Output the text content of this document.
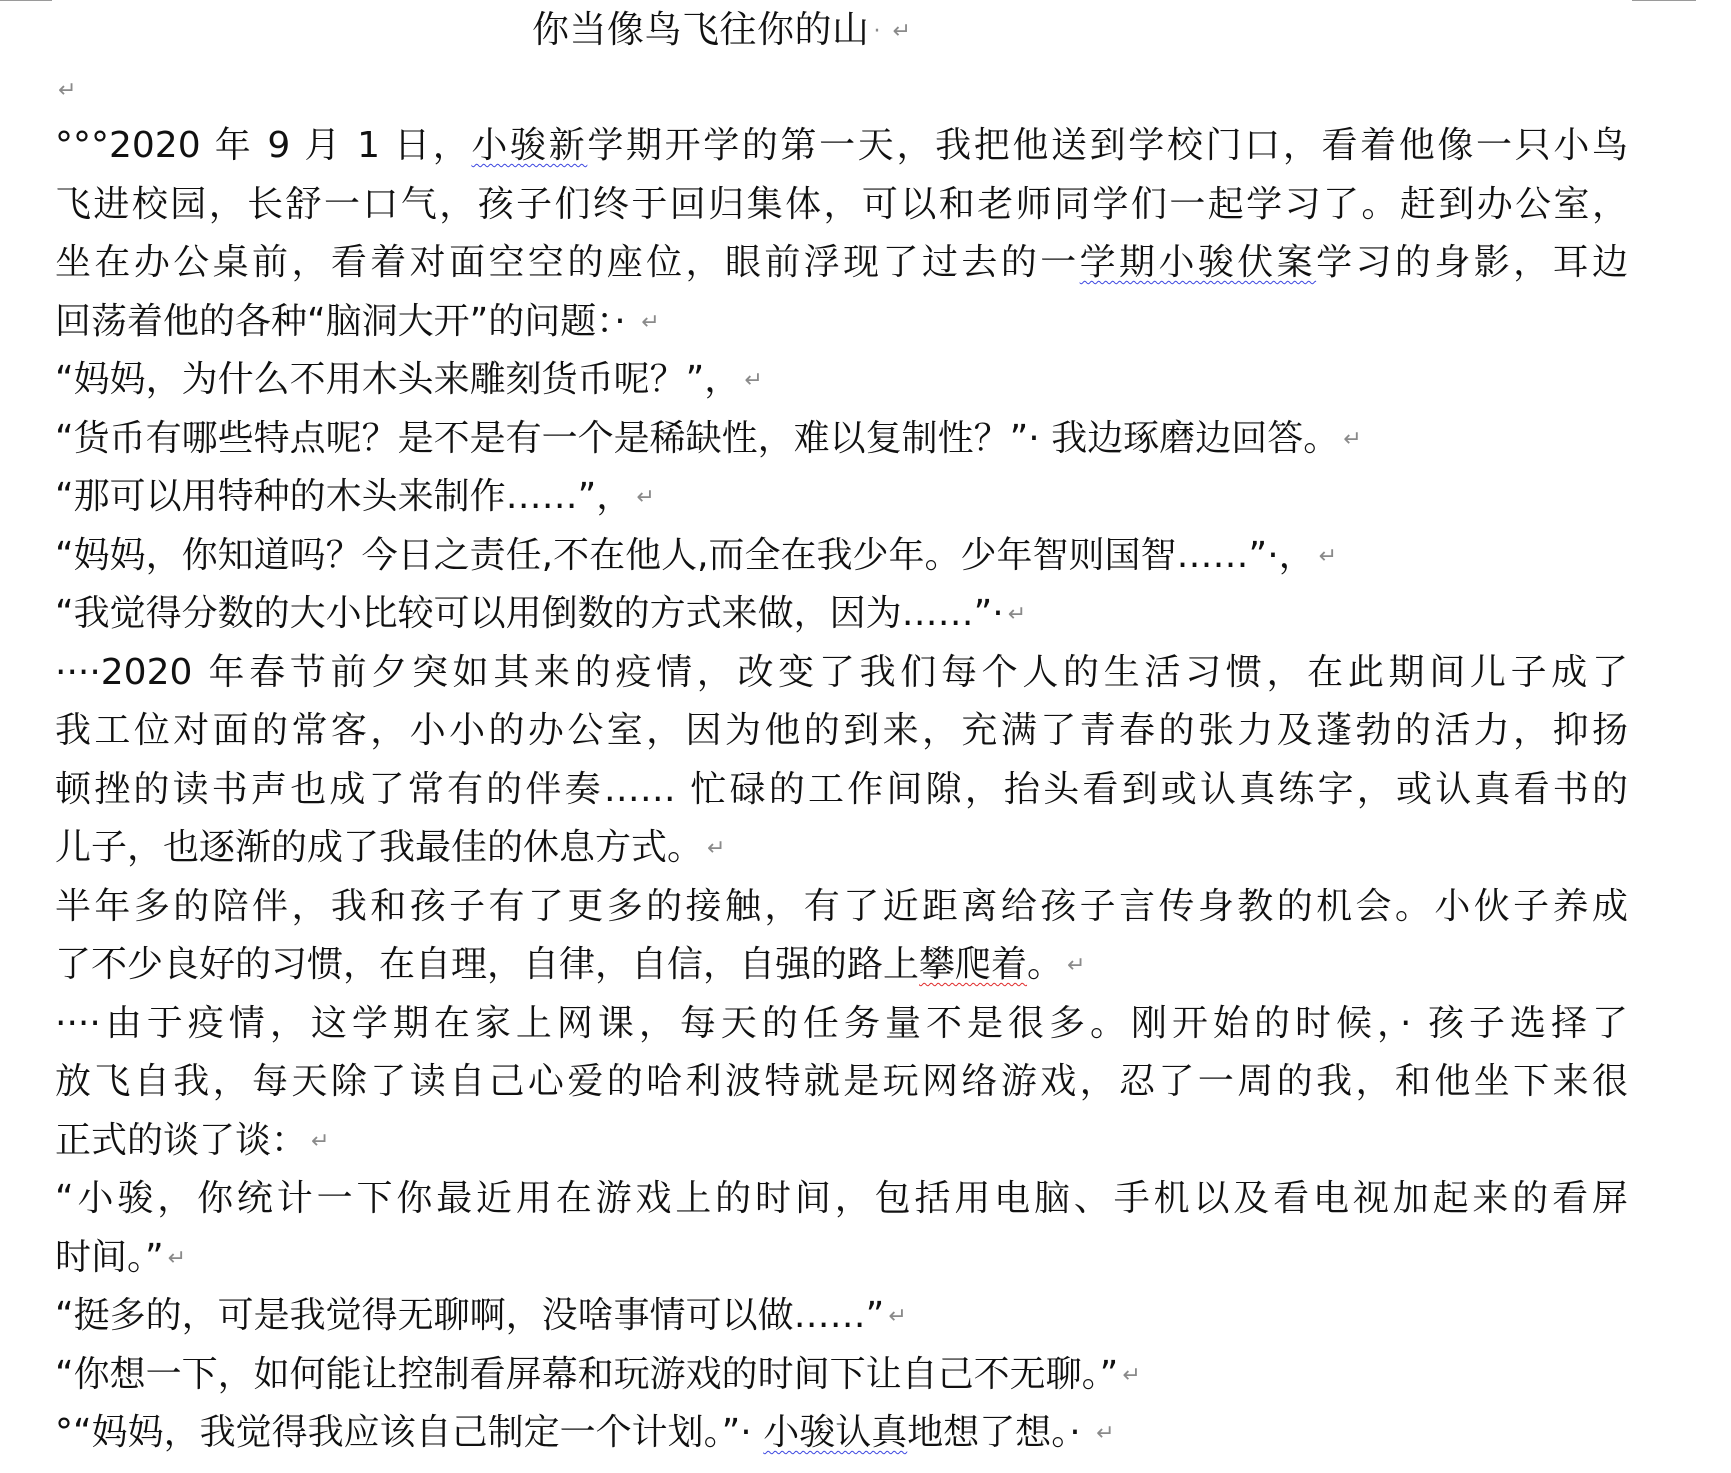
你当像鸟飞往你的山 · ↵
↵
°°°2020 年 9 月 1 日，小骏新学期开学的第一天，我把他送到学校门口，看着他像一只小鸟
飞进校园，长舒一口气，孩子们终于回归集体，可以和老师同学们一起学习了。赶到办公室，
坐在办公桌前，看着对面空空的座位，眼前浮现了过去的一学期小骏伏案学习的身影，耳边
回荡着他的各种“脑洞大开”的问题：· ↵
“妈妈，为什么不用木头来雕刻货币呢？”， ↵
“货币有哪些特点呢？是不是有一个是稀缺性，难以复制性？”· 我边琢磨边回答。 ↵
“那可以用特种的木头来制作……”， ↵
“妈妈，你知道吗？今日之责任,不在他人,而全在我少年。少年智则国智……”·， ↵
“我觉得分数的大小比较可以用倒数的方式来做，因为……”· ↵
····2020 年春节前夕突如其来的疫情，改变了我们每个人的生活习惯，在此期间儿子成了
我工位对面的常客，小小的办公室，因为他的到来，充满了青春的张力及蓬勃的活力，抑扬
顿挫的读书声也成了常有的伴奏…… 忙碌的工作间隙，抬头看到或认真练字，或认真看书的
儿子，也逐渐的成了我最佳的休息方式。 ↵
半年多的陪伴，我和孩子有了更多的接触，有了近距离给孩子言传身教的机会。小伙子养成
了不少良好的习惯，在自理，自律，自信，自强的路上攀爬着。 ↵
····由于疫情，这学期在家上网课，每天的任务量不是很多。刚开始的时候，· 孩子选择了
放飞自我，每天除了读自己心爱的哈利波特就是玩网络游戏，忍了一周的我，和他坐下来很
正式的谈了谈： ↵
“小骏，你统计一下你最近用在游戏上的时间，包括用电脑、手机以及看电视加起来的看屏
时间。” ↵
“挺多的，可是我觉得无聊啊，没啥事情可以做……” ↵
“你想一下，如何能让控制看屏幕和玩游戏的时间下让自己不无聊。” ↵
°“妈妈，我觉得我应该自己制定一个计划。”· 小骏认真地想了想。· ↵
